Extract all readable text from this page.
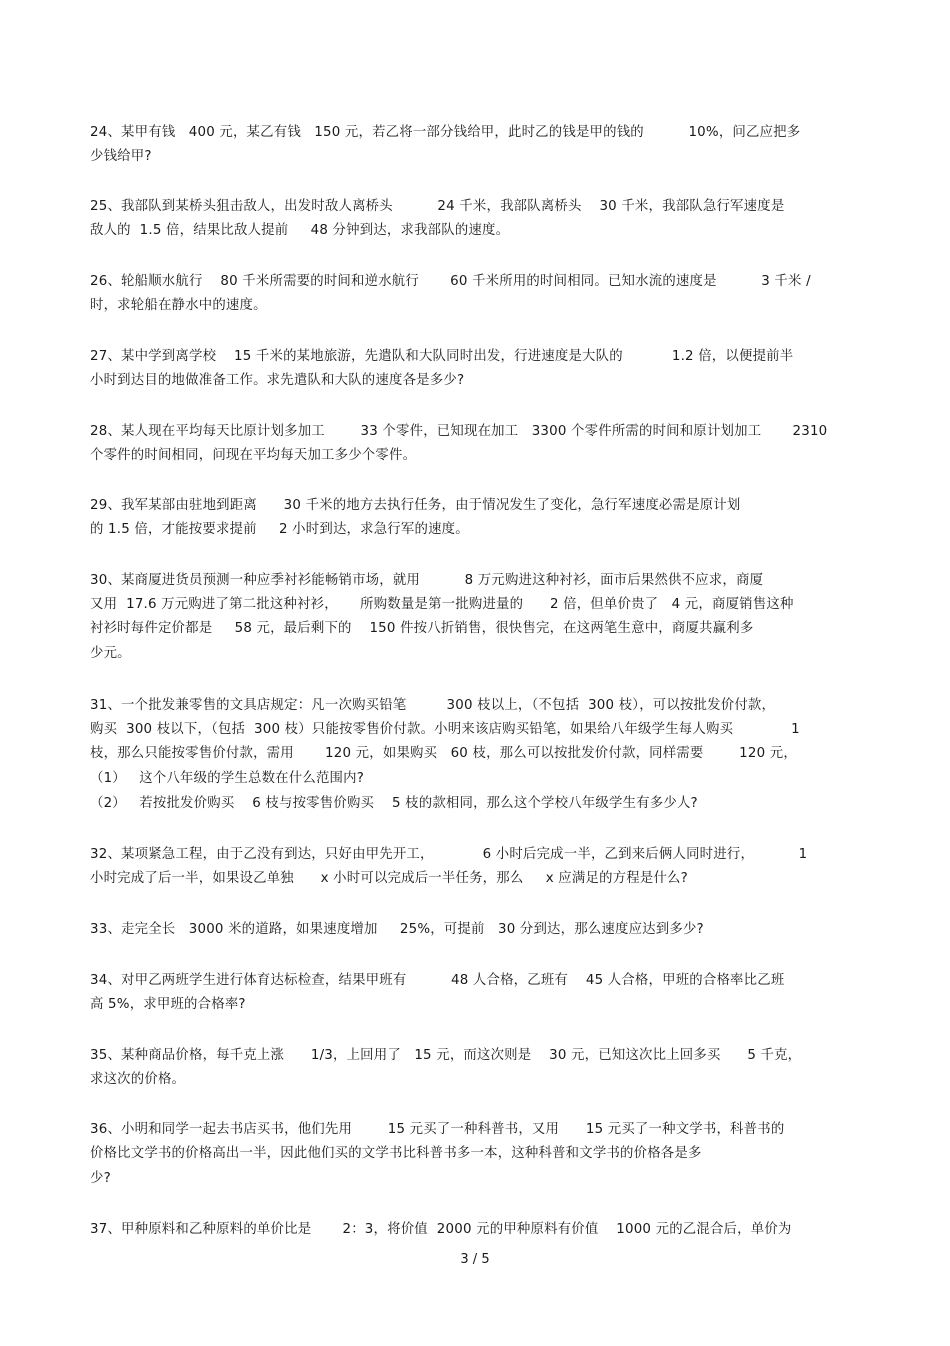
24、某甲有钱   400 元，某乙有钱   150 元，若乙将一部分钱给甲，此时乙的钱是甲的钱的          10%，问乙应把多
少钱给甲?
25、我部队到某桥头狙击敌人，出发时敌人离桥头          24 千米，我部队离桥头    30 千米，我部队急行军速度是
敌人的  1.5 倍，结果比敌人提前     48 分钟到达，求我部队的速度。
26、轮船顺水航行    80 千米所需要的时间和逆水航行       60 千米所用的时间相同。已知水流的速度是          3 千米 /
时，求轮船在静水中的速度。
27、某中学到离学校    15 千米的某地旅游，先遣队和大队同时出发，行进速度是大队的           1.2 倍，以便提前半
小时到达目的地做准备工作。求先遣队和大队的速度各是多少?
28、某人现在平均每天比原计划多加工        33 个零件，已知现在加工   3300 个零件所需的时间和原计划加工       2310
个零件的时间相同，问现在平均每天加工多少个零件。
29、我军某部由驻地到距离      30 千米的地方去执行任务，由于情况发生了变化，急行军速度必需是原计划
的 1.5 倍，才能按要求提前     2 小时到达，求急行军的速度。
30、某商厦进货员预测一种应季衬衫能畅销市场，就用          8 万元购进这种衬衫，面市后果然供不应求，商厦
又用  17.6 万元购进了第二批这种衬衫，     所购数量是第一批购进量的      2 倍，但单价贵了   4 元，商厦销售这种
衬衫时每件定价都是     58 元，最后剩下的    150 件按八折销售，很快售完，在这两笔生意中，商厦共赢利多
少元。
31、一个批发兼零售的文具店规定：凡一次购买铅笔         300 枝以上，（不包括  300 枝），可以按批发价付款，
购买  300 枝以下，（包括  300 枝）只能按零售价付款。小明来该店购买铅笔，如果给八年级学生每人购买             1
枝，那么只能按零售价付款，需用       120 元，如果购买   60 枝，那么可以按批发价付款，同样需要        120 元，
（1）   这个八年级的学生总数在什么范围内?
（2）   若按批发价购买    6 枝与按零售价购买    5 枝的款相同，那么这个学校八年级学生有多少人?
32、某项紧急工程，由于乙没有到达，只好由甲先开工，           6 小时后完成一半，乙到来后俩人同时进行，          1
小时完成了后一半，如果设乙单独      x 小时可以完成后一半任务，那么     x 应满足的方程是什么?
33、走完全长   3000 米的道路，如果速度增加     25%，可提前   30 分到达，那么速度应达到多少?
34、对甲乙两班学生进行体育达标检查，结果甲班有          48 人合格，乙班有    45 人合格，甲班的合格率比乙班
高 5%，求甲班的合格率?
35、某种商品价格，每千克上涨      1/3，上回用了   15 元，而这次则是    30 元，已知这次比上回多买      5 千克，
求这次的价格。
36、小明和同学一起去书店买书，他们先用        15 元买了一种科普书，又用      15 元买了一种文学书，科普书的
价格比文学书的价格高出一半，因此他们买的文学书比科普书多一本，这种科普和文学书的价格各是多
少?
37、甲种原料和乙种原料的单价比是       2：3，将价值  2000 元的甲种原料有价值    1000 元的乙混合后，单价为
3 / 5
